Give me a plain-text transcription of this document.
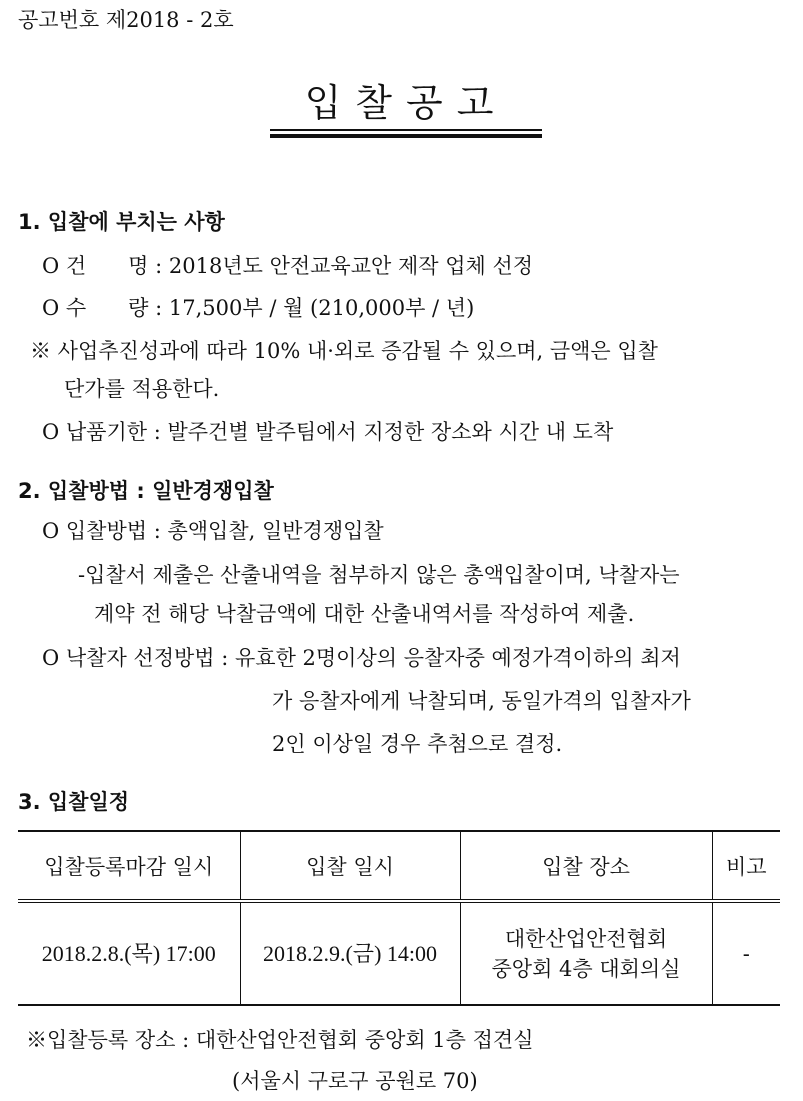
공고번호 제2018 - 2호
입찰공고
1. 입찰에 부치는 사항
O 건　　명 : 2018년도 안전교육교안 제작 업체 선정
O 수　　량 : 17,500부 / 월 (210,000부 / 년)
※ 사업추진성과에 따라 10% 내·외로 증감될 수 있으며, 금액은 입찰
단가를 적용한다.
O 납품기한 : 발주건별 발주팀에서 지정한 장소와 시간 내 도착
2. 입찰방법 : 일반경쟁입찰
O 입찰방법 : 총액입찰, 일반경쟁입찰
-입찰서 제출은 산출내역을 첨부하지 않은 총액입찰이며, 낙찰자는
계약 전 해당 낙찰금액에 대한 산출내역서를 작성하여 제출.
O 낙찰자 선정방법 : 유효한 2명이상의 응찰자중 예정가격이하의 최저
가 응찰자에게 낙찰되며, 동일가격의 입찰자가
2인 이상일 경우 추첨으로 결정.
3. 입찰일정
입찰등록마감 일시	입찰 일시	입찰 장소	비고
2018.2.8.(목) 17:00	2018.2.9.(금) 14:00	대한산업안전협회
중앙회 4층 대회의실	-
※입찰등록 장소 : 대한산업안전협회 중앙회 1층 접견실
(서울시 구로구 공원로 70)
